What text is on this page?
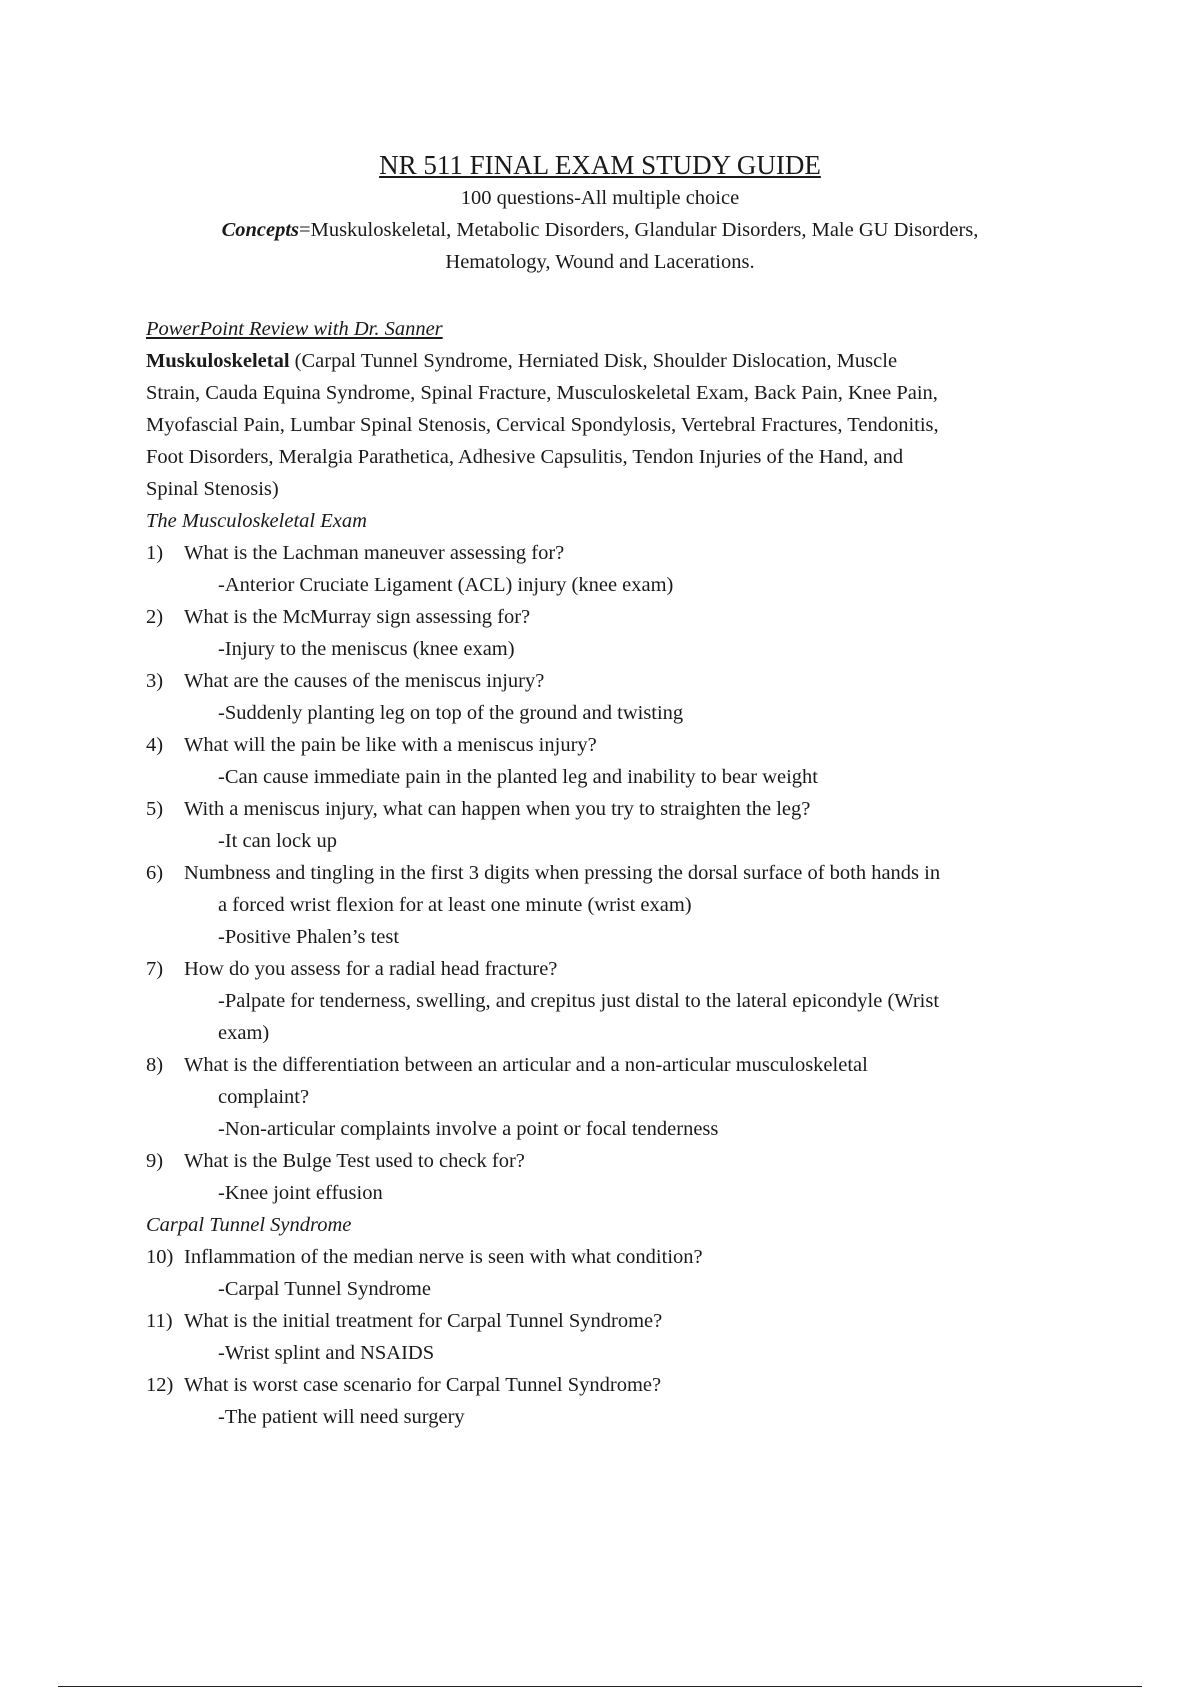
NR 511 FINAL EXAM STUDY GUIDE
100 questions-All multiple choice
Concepts=Muskuloskeletal, Metabolic Disorders, Glandular Disorders, Male GU Disorders,
Hematology, Wound and Lacerations.
PowerPoint Review with Dr. Sanner
Muskuloskeletal (Carpal Tunnel Syndrome, Herniated Disk, Shoulder Dislocation, Muscle
Strain, Cauda Equina Syndrome, Spinal Fracture, Musculoskeletal Exam, Back Pain, Knee Pain,
Myofascial Pain, Lumbar Spinal Stenosis, Cervical Spondylosis, Vertebral Fractures, Tendonitis,
Foot Disorders, Meralgia Parathetica, Adhesive Capsulitis, Tendon Injuries of the Hand, and
Spinal Stenosis)
The Musculoskeletal Exam
1)	What is the Lachman maneuver assessing for?
-Anterior Cruciate Ligament (ACL) injury (knee exam)
2)	What is the McMurray sign assessing for?
-Injury to the meniscus (knee exam)
3)	What are the causes of the meniscus injury?
-Suddenly planting leg on top of the ground and twisting
4)	What will the pain be like with a meniscus injury?
-Can cause immediate pain in the planted leg and inability to bear weight
5)	With a meniscus injury, what can happen when you try to straighten the leg?
-It can lock up
6)	Numbness and tingling in the first 3 digits when pressing the dorsal surface of both hands in
a forced wrist flexion for at least one minute (wrist exam)
-Positive Phalen’s test
7)	How do you assess for a radial head fracture?
-Palpate for tenderness, swelling, and crepitus just distal to the lateral epicondyle (Wrist
exam)
8)	What is the differentiation between an articular and a non-articular musculoskeletal
complaint?
-Non-articular complaints involve a point or focal tenderness
9)	What is the Bulge Test used to check for?
-Knee joint effusion
Carpal Tunnel Syndrome
10) Inflammation of the median nerve is seen with what condition?
-Carpal Tunnel Syndrome
11) What is the initial treatment for Carpal Tunnel Syndrome?
-Wrist splint and NSAIDS
12) What is worst case scenario for Carpal Tunnel Syndrome?
-The patient will need surgery
